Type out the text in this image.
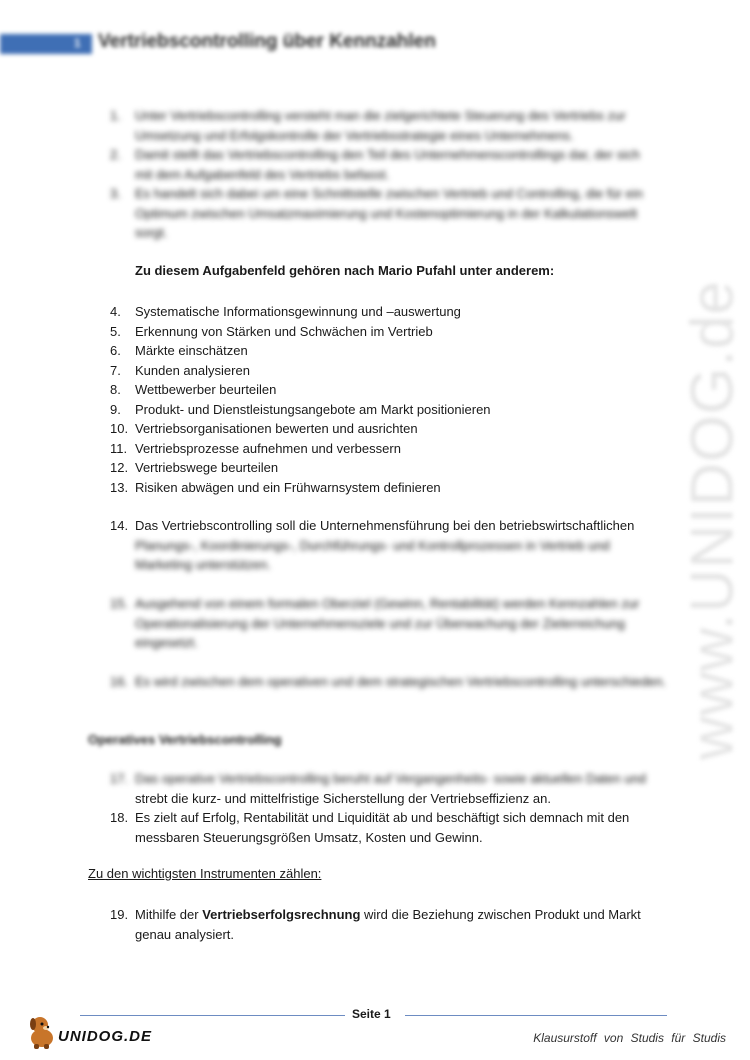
1 Vertriebscontrolling über Kennzahlen
www.UNIDOG.de
1. Unter Vertriebscontrolling versteht man die zielgerichtete Steuerung des Vertriebs zur Umsetzung und Erfolgskontrolle der Vertriebsstrategie eines Unternehmens.
2. Damit stellt das Vertriebscontrolling den Teil des Unternehmenscontrollings dar, der sich mit dem Aufgabenfeld des Vertriebs befasst.
3. Es handelt sich dabei um eine Schnittstelle zwischen Vertrieb und Controlling, die für ein Optimum zwischen Umsatzmaximierung und Kostenoptimierung in der Kalkulationswelt sorgt.
Zu diesem Aufgabenfeld gehören nach Mario Pufahl unter anderem:
4. Systematische Informationsgewinnung und –auswertung
5. Erkennung von Stärken und Schwächen im Vertrieb
6. Märkte einschätzen
7. Kunden analysieren
8. Wettbewerber beurteilen
9. Produkt- und Dienstleistungsangebote am Markt positionieren
10. Vertriebsorganisationen bewerten und ausrichten
11. Vertriebsprozesse aufnehmen und verbessern
12. Vertriebswege beurteilen
13. Risiken abwägen und ein Frühwarnsystem definieren
14. Das Vertriebscontrolling soll die Unternehmensführung bei den betriebswirtschaftlichen
Planungs-, Koordinierungs-, Durchführungs- und Kontrollprozessen in Vertrieb und Marketing unterstützen.
15. Ausgehend von einem formalen Oberziel (Gewinn, Rentabilität) werden Kennzahlen zur Operationalisierung der Unternehmensziele und zur Überwachung der Zielerreichung eingesetzt.
16. Es wird zwischen dem operativen und dem strategischen Vertriebscontrolling unterschieden.
Operatives Vertriebscontrolling
17. Das operative Vertriebscontrolling beruht auf Vergangenheits- sowie aktuellen Daten und
strebt die kurz- und mittelfristige Sicherstellung der Vertriebseffizienz an.
18. Es zielt auf Erfolg, Rentabilität und Liquidität ab und beschäftigt sich demnach mit den
messbaren Steuerungsgrößen Umsatz, Kosten und Gewinn.
Zu den wichtigsten Instrumenten zählen:
19. Mithilfe der Vertriebserfolgsrechnung wird die Beziehung zwischen Produkt und Markt
genau analysiert.
Seite 1
UNIDOG.DE	Klausurstoff von Studis für Studis
